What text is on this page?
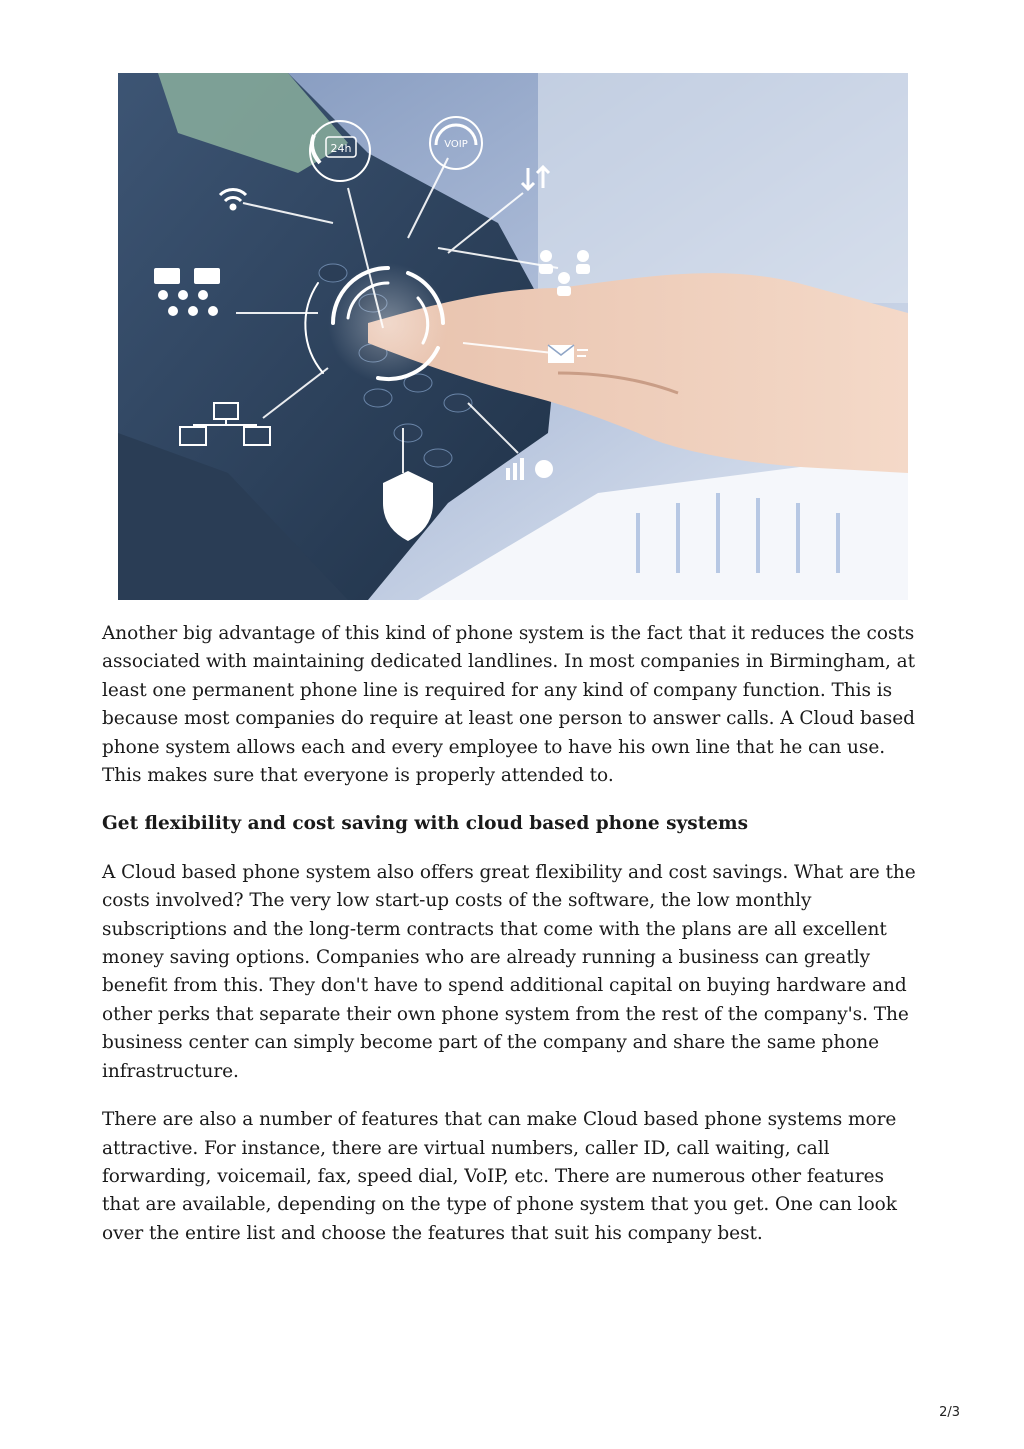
24h	VOIP

Another big advantage of this kind of phone system is the fact that it reduces the costs associated with maintaining dedicated landlines. In most companies in Birmingham, at least one permanent phone line is required for any kind of company function. This is because most companies do require at least one person to answer calls. A Cloud based phone system allows each and every employee to have his own line that he can use. This makes sure that everyone is properly attended to.

Get flexibility and cost saving with cloud based phone systems

A Cloud based phone system also offers great flexibility and cost savings. What are the costs involved? The very low start-up costs of the software, the low monthly subscriptions and the long-term contracts that come with the plans are all excellent money saving options. Companies who are already running a business can greatly benefit from this. They don't have to spend additional capital on buying hardware and other perks that separate their own phone system from the rest of the company's. The business center can simply become part of the company and share the same phone infrastructure.

There are also a number of features that can make Cloud based phone systems more attractive. For instance, there are virtual numbers, caller ID, call waiting, call forwarding, voicemail, fax, speed dial, VoIP, etc. There are numerous other features that are available, depending on the type of phone system that you get. One can look over the entire list and choose the features that suit his company best.

2/3
